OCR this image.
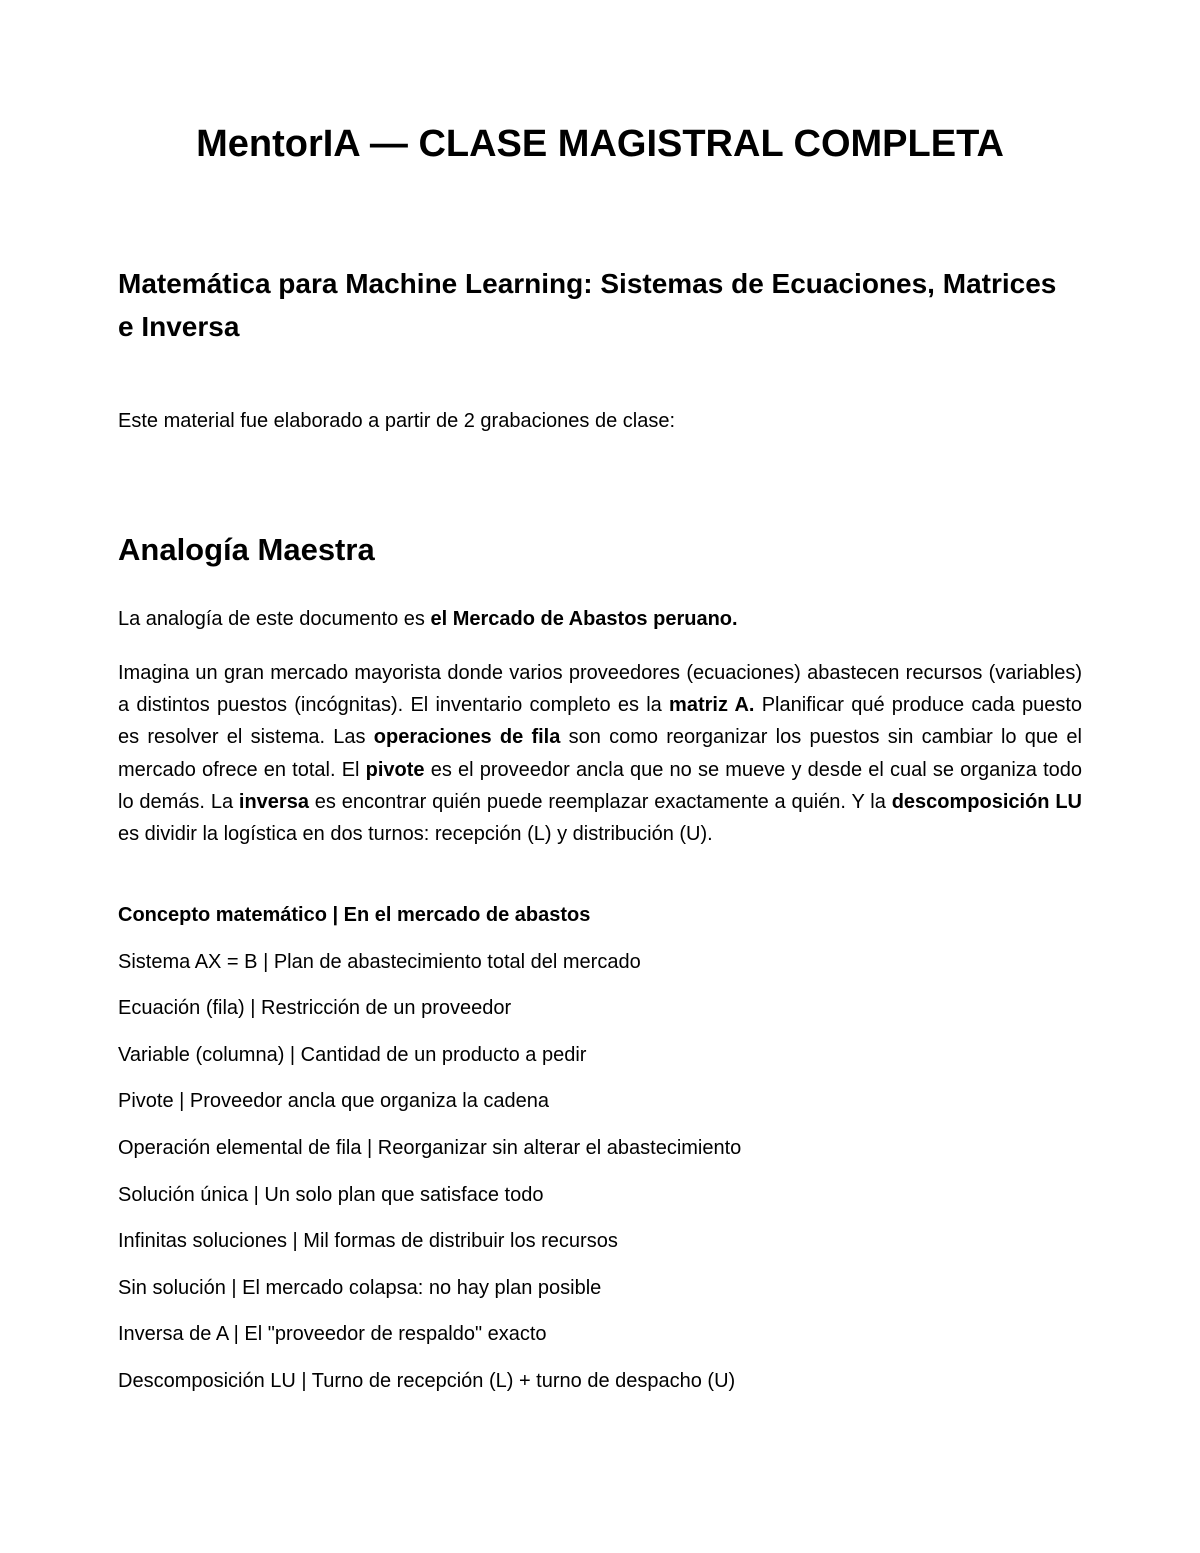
MentorIA — CLASE MAGISTRAL COMPLETA
Matemática para Machine Learning: Sistemas de Ecuaciones, Matrices e Inversa

Este material fue elaborado a partir de 2 grabaciones de clase:

Analogía Maestra

La analogía de este documento es el Mercado de Abastos peruano.

Imagina un gran mercado mayorista donde varios proveedores (ecuaciones) abastecen recursos (variables) a distintos puestos (incógnitas). El inventario completo es la matriz A. Planificar qué produce cada puesto es resolver el sistema. Las operaciones de fila son como reorganizar los puestos sin cambiar lo que el mercado ofrece en total. El pivote es el proveedor ancla que no se mueve y desde el cual se organiza todo lo demás. La inversa es encontrar quién puede reemplazar exactamente a quién. Y la descomposición LU es dividir la logística en dos turnos: recepción (L) y distribución (U).

Concepto matemático | En el mercado de abastos
Sistema AX = B | Plan de abastecimiento total del mercado
Ecuación (fila) | Restricción de un proveedor
Variable (columna) | Cantidad de un producto a pedir
Pivote | Proveedor ancla que organiza la cadena
Operación elemental de fila | Reorganizar sin alterar el abastecimiento
Solución única | Un solo plan que satisface todo
Infinitas soluciones | Mil formas de distribuir los recursos
Sin solución | El mercado colapsa: no hay plan posible
Inversa de A | El "proveedor de respaldo" exacto
Descomposición LU | Turno de recepción (L) + turno de despacho (U)
